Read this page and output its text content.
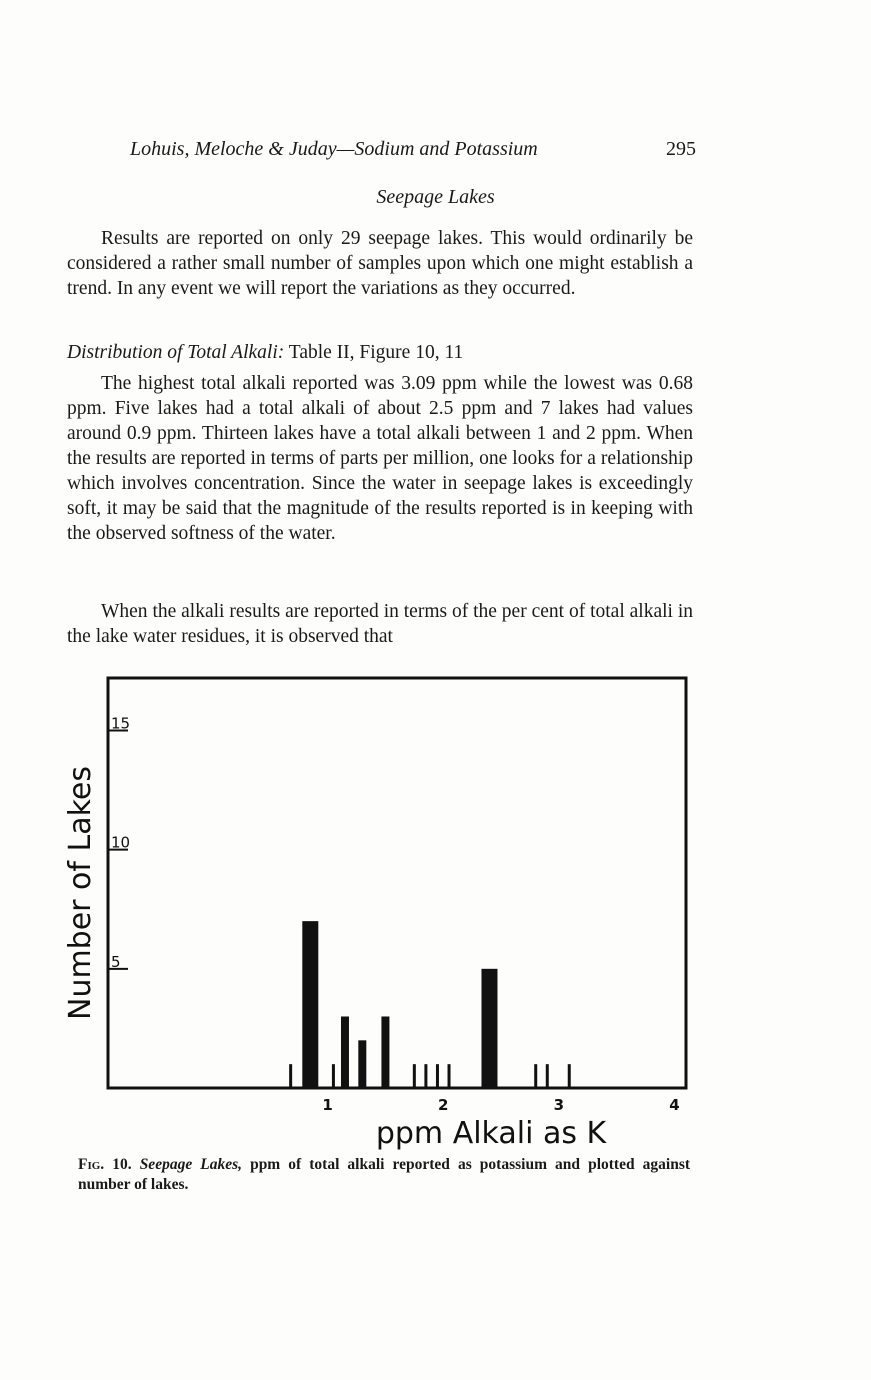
Lohuis, Meloche & Juday—Sodium and Potassium	295
Seepage Lakes

Results are reported on only 29 seepage lakes. This would ordinarily be considered a rather small number of samples upon which one might establish a trend. In any event we will report the variations as they occurred.

Distribution of Total Alkali: Table II, Figure 10, 11

The highest total alkali reported was 3.09 ppm while the lowest was 0.68 ppm. Five lakes had a total alkali of about 2.5 ppm and 7 lakes had values around 0.9 ppm. Thirteen lakes have a total alkali between 1 and 2 ppm. When the results are reported in terms of parts per million, one looks for a relationship which involves concentration. Since the water in seepage lakes is exceedingly soft, it may be said that the magnitude of the results reported is in keeping with the observed softness of the water.

When the alkali results are reported in terms of the per cent of total alkali in the lake water residues, it is observed that

5
10
15
Number of Lakes
1	2	3	4
ppm Alkali as K
Fig. 10. Seepage Lakes, ppm of total alkali reported as potassium and plotted against number of lakes.
